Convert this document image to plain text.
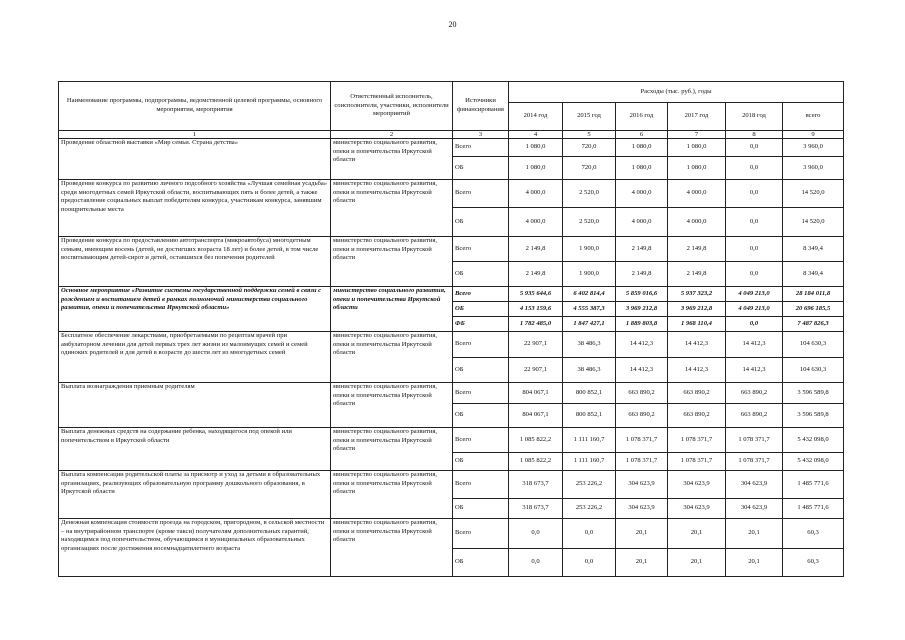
20
Наименование программы, подпрограммы, ведомственной целевой программы, основного мероприятия, мероприятия	Ответственный исполнитель, соисполнители, участники, исполнители мероприятий	Источники финансирования	Расходы (тыс. руб.), годы					
			2014 год	2015 год	2016 год	2017 год	2018 год	всего
1	2	3	4	5	6	7	8	9
Проведение областной выставки «Мир семьи. Страна детства»	министерство социального развития, опеки и попечительства Иркутской области	Всего	1 080,0	720,0	1 080,0	1 080,0	0,0	3 960,0
		ОБ	1 080,0	720,0	1 080,0	1 080,0	0,0	3 960,0
Проведение конкурса по развитию личного подсобного хозяйства «Лучшая семейная усадьба» среди многодетных семей Иркутской области, воспитывающих пять и более детей, а также предоставление социальных выплат победителям конкурса, участникам конкурса, занявшим поощрительные места	министерство социального развития, опеки и попечительства Иркутской области	Всего	4 000,0	2 520,0	4 000,0	4 000,0	0,0	14 520,0
		ОБ	4 000,0	2 520,0	4 000,0	4 000,0	0,0	14 520,0
Проведение конкурса по предоставлению автотранспорта (микроавтобуса) многодетным семьям, имеющим восемь (детей, не достигших возраста 18 лет) и более детей, в том числе воспитывающим детей-сирот и детей, оставшихся без попечения родителей	министерство социального развития, опеки и попечительства Иркутской области	Всего	2 149,8	1 900,0	2 149,8	2 149,8	0,0	8 349,4
		ОБ	2 149,8	1 900,0	2 149,8	2 149,8	0,0	8 349,4
Основное мероприятие «Развитие системы государственной поддержки семей в связи с рождением и воспитанием детей в рамках полномочий министерства социального развития, опеки и попечительства Иркутской области»	министерство социального развития, опеки и попечительства Иркутской области	Всего	5 935 644,6	6 402 814,4	5 859 016,6	5 937 323,2	4 049 213,0	28 184 011,8
		ОБ	4 153 159,6	4 555 387,3	3 969 212,8	3 969 212,8	4 049 213,0	20 696 185,5
		ФБ	1 782 485,0	1 847 427,1	1 889 803,8	1 968 110,4	0,0	7 487 826,3
Бесплатное обеспечение лекарствами, приобретаемыми по рецептам врачей при амбулаторном лечении для детей первых трех лет жизни из малоимущих семей и семей одиноких родителей и для детей в возрасте до шести лет из многодетных семей	министерство социального развития, опеки и попечительства Иркутской области	Всего	22 907,1	38 486,3	14 412,3	14 412,3	14 412,3	104 630,3
		ОБ	22 907,1	38 486,3	14 412,3	14 412,3	14 412,3	104 630,3
Выплата вознаграждения приемным родителям	министерство социального развития, опеки и попечительства Иркутской области	Всего	804 067,1	800 852,1	663 890,2	663 890,2	663 890,2	3 596 589,8
		ОБ	804 067,1	800 852,1	663 890,2	663 890,2	663 890,2	3 596 589,8
Выплата денежных средств на содержание ребенка, находящегося под опекой или попечительством в Иркутской области	министерство социального развития, опеки и попечительства Иркутской области	Всего	1 085 822,2	1 111 160,7	1 078 371,7	1 078 371,7	1 078 371,7	5 432 098,0
		ОБ	1 085 822,2	1 111 160,7	1 078 371,7	1 078 371,7	1 078 371,7	5 432 098,0
Выплата компенсации родительской платы за присмотр и уход за детьми в образовательных организациях, реализующих образовательную программу дошкольного образования, в Иркутской области	министерство социального развития, опеки и попечительства Иркутской области	Всего	318 673,7	253 226,2	304 623,9	304 623,9	304 623,9	1 485 771,6
		ОБ	318 673,7	253 226,2	304 623,9	304 623,9	304 623,9	1 485 771,6
Денежная компенсация стоимости проезда на городском, пригородном, в сельской местности – на внутрирайонном транспорте (кроме такси) получателям дополнительных гарантий, находящимся под попечительством, обучающимся в муниципальных образовательных организациях после достижения восемнадцатилетнего возраста	министерство социального развития, опеки и попечительства Иркутской области	Всего	0,0	0,0	20,1	20,1	20,1	60,3
		ОБ	0,0	0,0	20,1	20,1	20,1	60,3
